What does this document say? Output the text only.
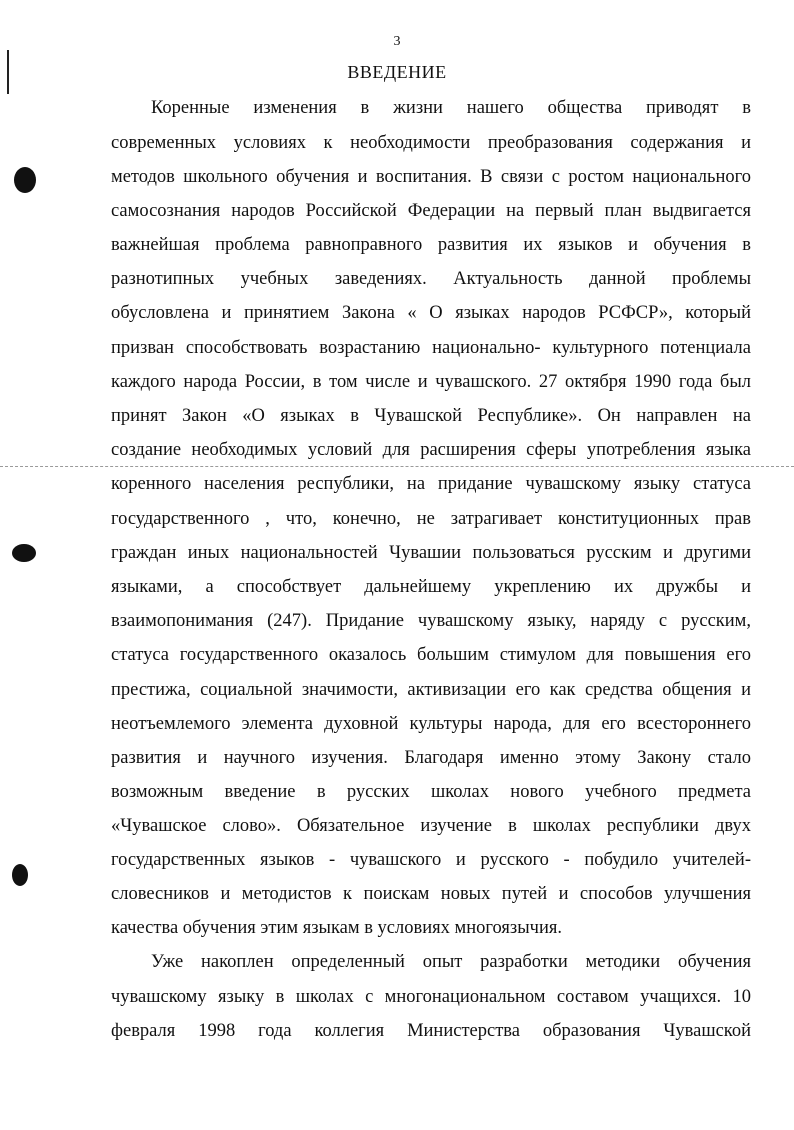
3
ВВЕДЕНИЕ
Коренные изменения в жизни нашего общества приводят в
современных условиях к необходимости преобразования содержания и
методов школьного обучения и воспитания. В связи с ростом национального
самосознания народов Российской Федерации на первый план выдвигается
важнейшая проблема равноправного развития их языков и обучения в
разнотипных учебных заведениях. Актуальность данной проблемы
обусловлена и принятием Закона « О языках народов РСФСР», который
призван способствовать возрастанию национально- культурного потенциала
каждого народа России, в том числе и чувашского. 27 октября 1990 года был
принят Закон «О языках в Чувашской Республике». Он направлен на
создание необходимых условий для расширения сферы употребления языка
коренного населения республики, на придание чувашскому языку статуса
государственного , что, конечно, не затрагивает конституционных прав
граждан иных национальностей Чувашии пользоваться русским и другими
языками, а способствует дальнейшему укреплению их дружбы и
взаимопонимания (247). Придание чувашскому языку, наряду с русским,
статуса государственного оказалось большим стимулом для повышения его
престижа, социальной значимости, активизации его как средства общения и
неотъемлемого элемента духовной культуры народа, для его всестороннего
развития и научного изучения. Благодаря именно этому Закону стало
возможным введение в русских школах нового учебного предмета
«Чувашское слово». Обязательное изучение в школах республики двух
государственных языков - чувашского и русского - побудило учителей-
словесников и методистов к поискам новых путей и способов улучшения
качества обучения этим языкам в условиях многоязычия.
Уже накоплен определенный опыт разработки методики обучения
чувашскому языку в школах с многонациональном составом учащихся. 10
февраля 1998 года коллегия Министерства образования Чувашской
